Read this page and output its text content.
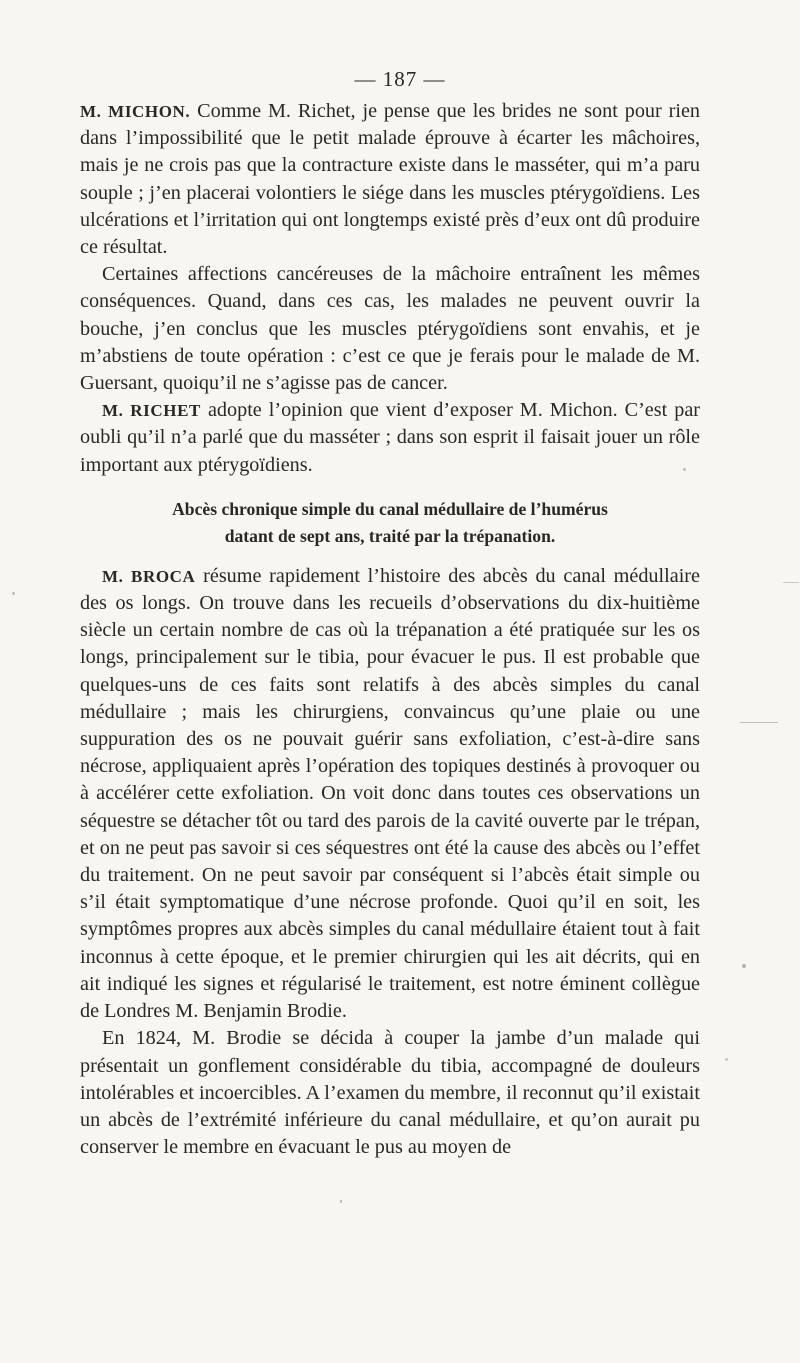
— 187 —

M. MICHON. Comme M. Richet, je pense que les brides ne sont pour rien dans l’impossibilité que le petit malade éprouve à écarter les mâchoires, mais je ne crois pas que la contracture existe dans le masséter, qui m’a paru souple ; j’en placerai volontiers le siége dans les muscles ptérygoïdiens. Les ulcérations et l’irritation qui ont longtemps existé près d’eux ont dû produire ce résultat.

Certaines affections cancéreuses de la mâchoire entraînent les mêmes conséquences. Quand, dans ces cas, les malades ne peuvent ouvrir la bouche, j’en conclus que les muscles ptérygoïdiens sont envahis, et je m’abstiens de toute opération : c’est ce que je ferais pour le malade de M. Guersant, quoiqu’il ne s’agisse pas de cancer.

M. RICHET adopte l’opinion que vient d’exposer M. Michon. C’est par oubli qu’il n’a parlé que du masséter ; dans son esprit il faisait jouer un rôle important aux ptérygoïdiens.

Abcès chronique simple du canal médullaire de l’humérus
datant de sept ans, traité par la trépanation.

M. BROCA résume rapidement l’histoire des abcès du canal médullaire des os longs. On trouve dans les recueils d’observations du dix-huitième siècle un certain nombre de cas où la trépanation a été pratiquée sur les os longs, principalement sur le tibia, pour évacuer le pus. Il est probable que quelques-uns de ces faits sont relatifs à des abcès simples du canal médullaire ; mais les chirurgiens, convaincus qu’une plaie ou une suppuration des os ne pouvait guérir sans exfoliation, c’est-à-dire sans nécrose, appliquaient après l’opération des topiques destinés à provoquer ou à accélérer cette exfoliation. On voit donc dans toutes ces observations un séquestre se détacher tôt ou tard des parois de la cavité ouverte par le trépan, et on ne peut pas savoir si ces séquestres ont été la cause des abcès ou l’effet du traitement. On ne peut savoir par conséquent si l’abcès était simple ou s’il était symptomatique d’une nécrose profonde. Quoi qu’il en soit, les symptômes propres aux abcès simples du canal médullaire étaient tout à fait inconnus à cette époque, et le premier chirurgien qui les ait décrits, qui en ait indiqué les signes et régularisé le traitement, est notre éminent collègue de Londres M. Benjamin Brodie.

En 1824, M. Brodie se décida à couper la jambe d’un malade qui présentait un gonflement considérable du tibia, accompagné de douleurs intolérables et incoercibles. A l’examen du membre, il reconnut qu’il existait un abcès de l’extrémité inférieure du canal médullaire, et qu’on aurait pu conserver le membre en évacuant le pus au moyen de
